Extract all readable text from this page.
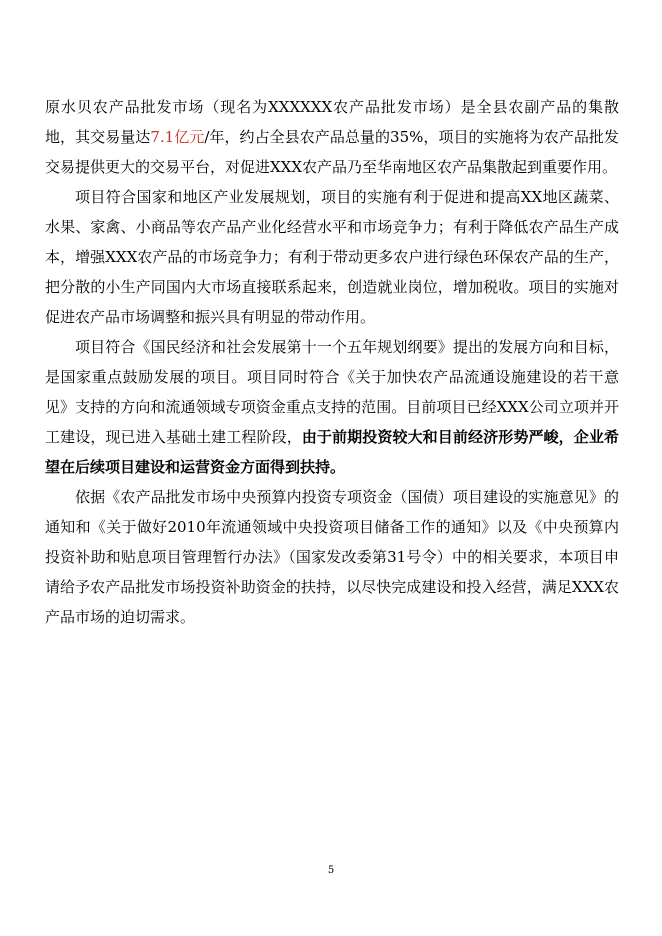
原水贝农产品批发市场（现名为XXXXXX农产品批发市场）是全县农副产品的集散地，其交易量达7.1亿元/年，约占全县农产品总量的35%，项目的实施将为农产品批发交易提供更大的交易平台，对促进XXX农产品乃至华南地区农产品集散起到重要作用。

项目符合国家和地区产业发展规划，项目的实施有利于促进和提高XX地区蔬菜、水果、家禽、小商品等农产品产业化经营水平和市场竞争力；有利于降低农产品生产成本，增强XXX农产品的市场竞争力；有利于带动更多农户进行绿色环保农产品的生产，把分散的小生产同国内大市场直接联系起来，创造就业岗位，增加税收。项目的实施对促进农产品市场调整和振兴具有明显的带动作用。

项目符合《国民经济和社会发展第十一个五年规划纲要》提出的发展方向和目标，是国家重点鼓励发展的项目。项目同时符合《关于加快农产品流通设施建设的若干意见》支持的方向和流通领域专项资金重点支持的范围。目前项目已经XXX公司立项并开工建设，现已进入基础土建工程阶段，由于前期投资较大和目前经济形势严峻，企业希望在后续项目建设和运营资金方面得到扶持。

依据《农产品批发市场中央预算内投资专项资金（国债）项目建设的实施意见》的通知和《关于做好2010年流通领域中央投资项目储备工作的通知》以及《中央预算内投资补助和贴息项目管理暂行办法》（国家发改委第31号令）中的相关要求，本项目申请给予农产品批发市场投资补助资金的扶持，以尽快完成建设和投入经营，满足XXX农产品市场的迫切需求。

5
